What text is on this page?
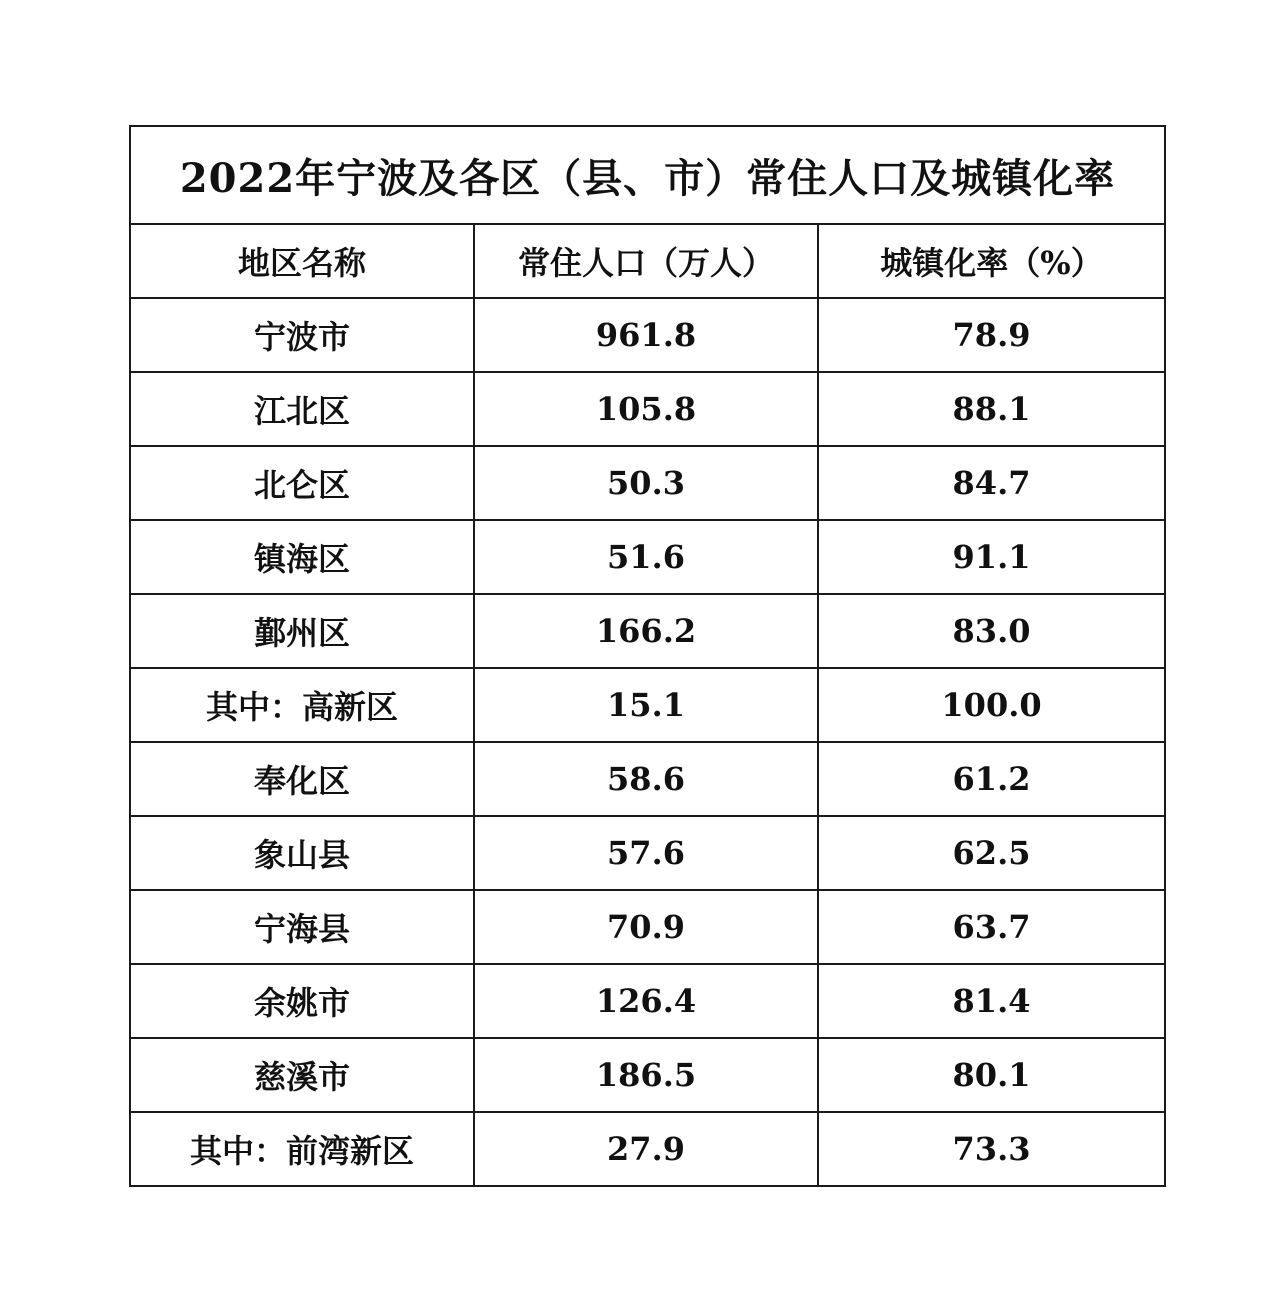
2022年宁波及各区（县、市）常住人口及城镇化率		
地区名称	常住人口（万人）	城镇化率（%）
宁波市	961.8	78.9
江北区	105.8	88.1
北仑区	50.3	84.7
镇海区	51.6	91.1
鄞州区	166.2	83.0
其中：高新区	15.1	100.0
奉化区	58.6	61.2
象山县	57.6	62.5
宁海县	70.9	63.7
余姚市	126.4	81.4
慈溪市	186.5	80.1
其中：前湾新区	27.9	73.3
